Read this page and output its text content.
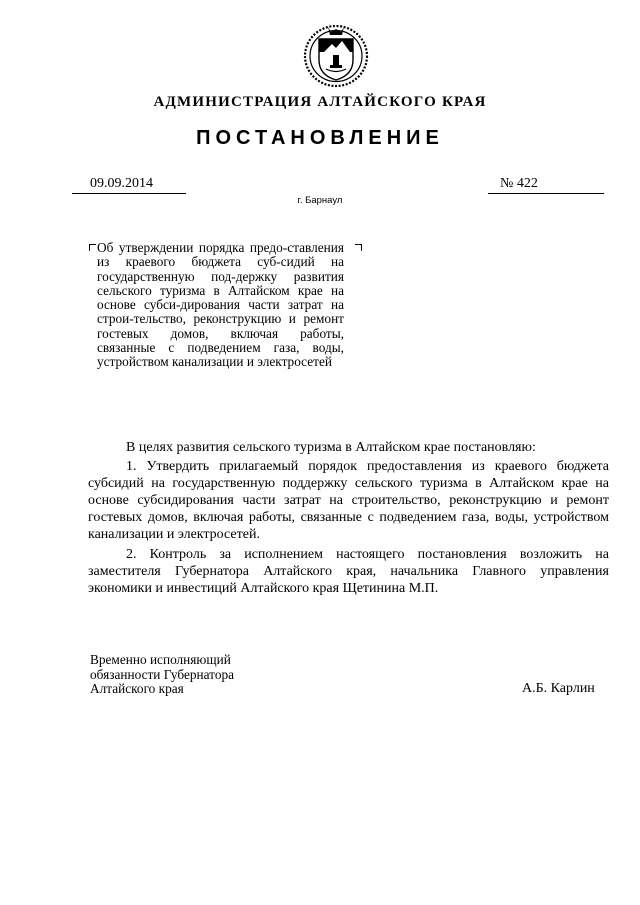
АДМИНИСТРАЦИЯ АЛТАЙСКОГО КРАЯ
ПОСТАНОВЛЕНИЕ
09.09.2014	№ 422
г. Барнаул
Об утверждении порядка предо-ставления из краевого бюджета суб-сидий на государственную под-держку развития сельского туризма в Алтайском крае на основе субси-дирования части затрат на строи-тельство, реконструкцию и ремонт гостевых домов, включая работы, связанные с подведением газа, воды, устройством канализации и электросетей
В целях развития сельского туризма в Алтайском крае постановляю:
1. Утвердить прилагаемый порядок предоставления из краевого бюджета субсидий на государственную поддержку сельского туризма в Алтайском крае на основе субсидирования части затрат на строительство, реконструкцию и ремонт гостевых домов, включая работы, связанные с подведением газа, воды, устройством канализации и электросетей.
2. Контроль за исполнением настоящего постановления возложить на заместителя Губернатора Алтайского края, начальника Главного управления экономики и инвестиций Алтайского края Щетинина М.П.
Временно исполняющий
обязанности Губернатора
Алтайского края	А.Б. Карлин
